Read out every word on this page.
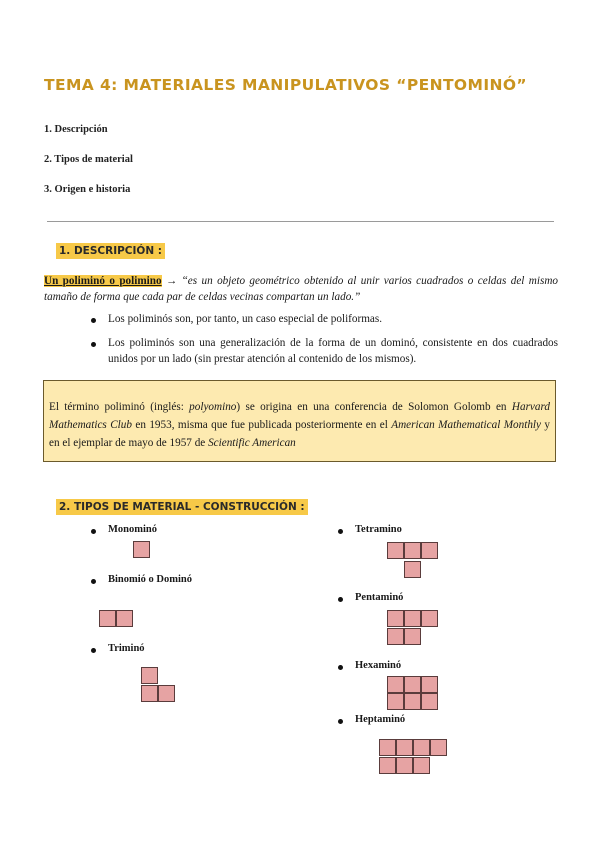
TEMA 4: MATERIALES MANIPULATIVOS “PENTOMINÓ”
1. Descripción
2. Tipos de material
3. Origen e historia
1. DESCRIPCIÓN :
Un poliminó o polimino → “es un objeto geométrico obtenido al unir varios cuadrados o celdas del mismo tamaño de forma que cada par de celdas vecinas compartan un lado.”
Los poliminós son, por tanto, un caso especial de poliformas.
Los poliminós son una generalización de la forma de un dominó, consistente en dos cuadrados unidos por un lado (sin prestar atención al contenido de los mismos).
El término poliminó (inglés: polyomino) se origina en una conferencia de Solomon Golomb en Harvard Mathematics Club en 1953, misma que fue publicada posteriormente en el American Mathematical Monthly y en el ejemplar de mayo de 1957 de Scientific American
2. TIPOS DE MATERIAL - CONSTRUCCIÓN :
Monominó
Binomió o Dominó
Triminó
Tetramino
Pentaminó
Hexaminó
Heptaminó
